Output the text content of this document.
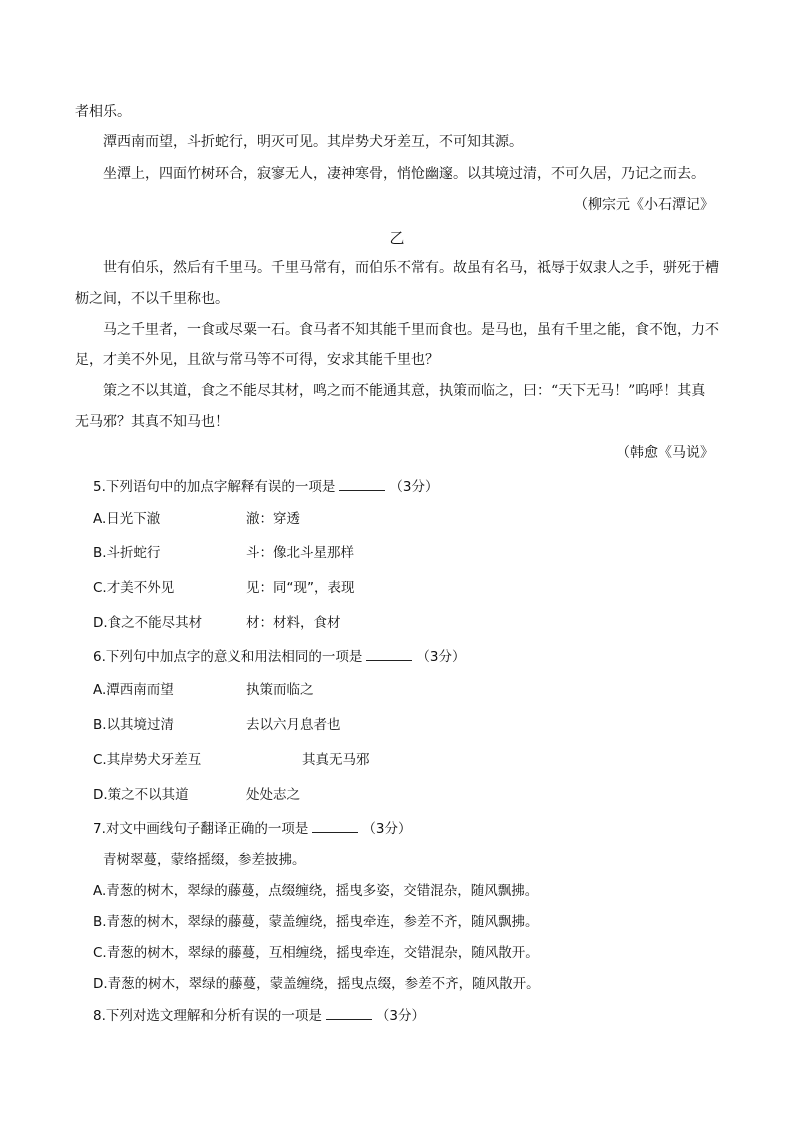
者相乐。
潭西南而望，斗折蛇行，明灭可见。其岸势犬牙差互，不可知其源。
坐潭上，四面竹树环合，寂寥无人，凄神寒骨，悄怆幽邃。以其境过清，不可久居，乃记之而去。
（柳宗元《小石潭记》
乙
世有伯乐，然后有千里马。千里马常有，而伯乐不常有。故虽有名马，祗辱于奴隶人之手，骈死于槽
枥之间，不以千里称也。
马之千里者，一食或尽粟一石。食马者不知其能千里而食也。是马也，虽有千里之能，食不饱，力不
足，才美不外见，且欲与常马等不可得，安求其能千里也？
策之不以其道，食之不能尽其材，鸣之而不能通其意，执策而临之，曰：“天下无马！”呜呼！其真
无马邪？其真不知马也！
（韩愈《马说》
5.下列语句中的加点字解释有误的一项是	（3分）
A.日光下澈	澈：穿透
B.斗折蛇行	斗：像北斗星那样
C.才美不外见	见：同“现”，表现
D.食之不能尽其材	材：材料，食材
6.下列句中加点字的意义和用法相同的一项是	（3分）
A.潭西南而望	执策而临之
B.以其境过清	去以六月息者也
C.其岸势犬牙差互	其真无马邪
D.策之不以其道	处处志之
7.对文中画线句子翻译正确的一项是	（3分）
青树翠蔓，蒙络摇缀，参差披拂。
A.青葱的树木，翠绿的藤蔓，点缀缠绕，摇曳多姿，交错混杂，随风飘拂。
B.青葱的树木，翠绿的藤蔓，蒙盖缠绕，摇曳牵连，参差不齐，随风飘拂。
C.青葱的树木，翠绿的藤蔓，互相缠绕，摇曳牵连，交错混杂，随风散开。
D.青葱的树木，翠绿的藤蔓，蒙盖缠绕，摇曳点缀，参差不齐，随风散开。
8.下列对选文理解和分析有误的一项是	（3分）
